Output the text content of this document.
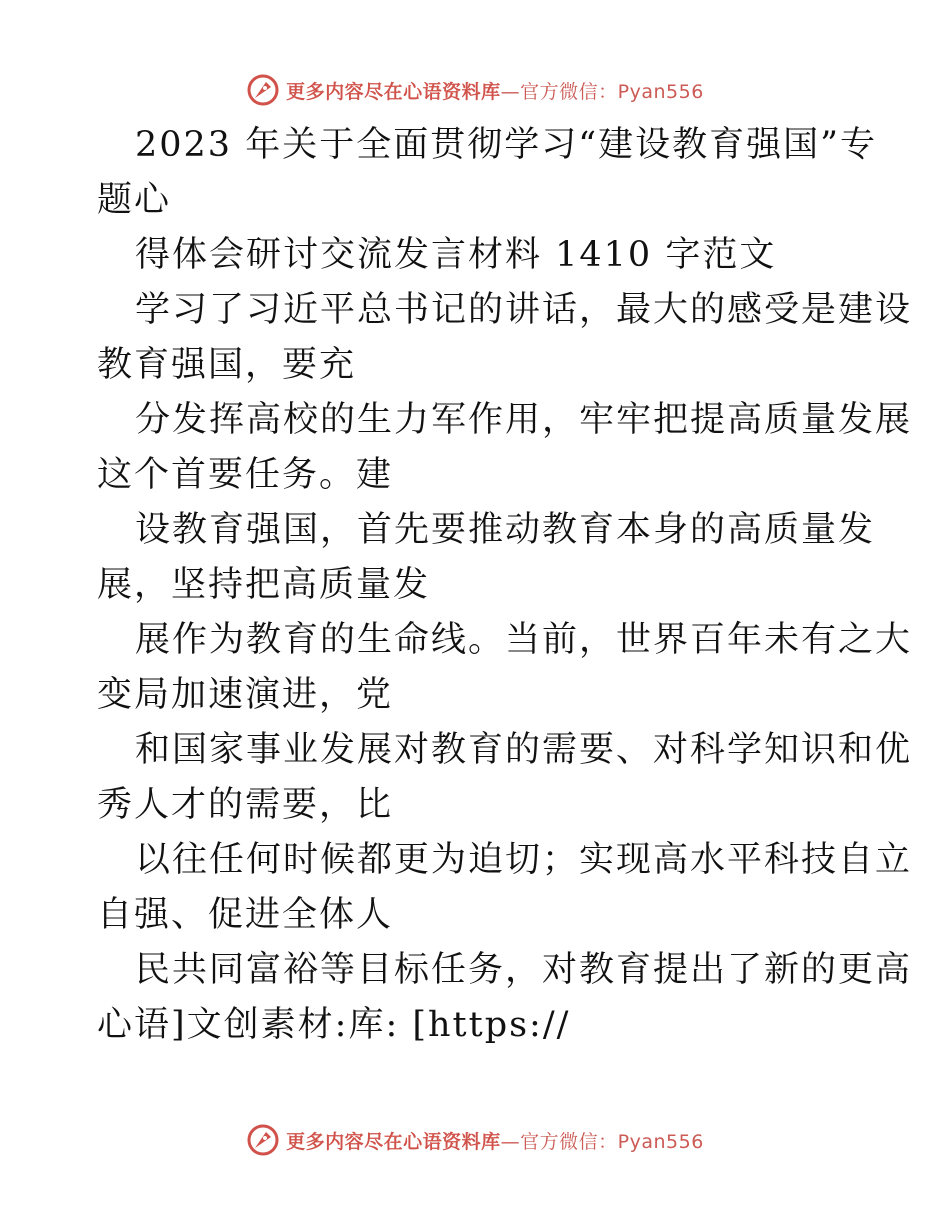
更多内容尽在心语资料库—官方微信：Pyan556
2023 年关于全面贯彻学习“建设教育强国”专
题心
得体会研讨交流发言材料 1410 字范文
学习了习近平总书记的讲话，最大的感受是建设
教育强国，要充
分发挥高校的生力军作用，牢牢把提高质量发展
这个首要任务。建
设教育强国，首先要推动教育本身的高质量发
展，坚持把高质量发
展作为教育的生命线。当前，世界百年未有之大
变局加速演进，党
和国家事业发展对教育的需要、对科学知识和优
秀人才的需要，比
以往任何时候都更为迫切；实现高水平科技自立
自强、促进全体人
民共同富裕等目标任务，对教育提出了新的更高
心语]文创素材:库: [https://
更多内容尽在心语资料库—官方微信：Pyan556
